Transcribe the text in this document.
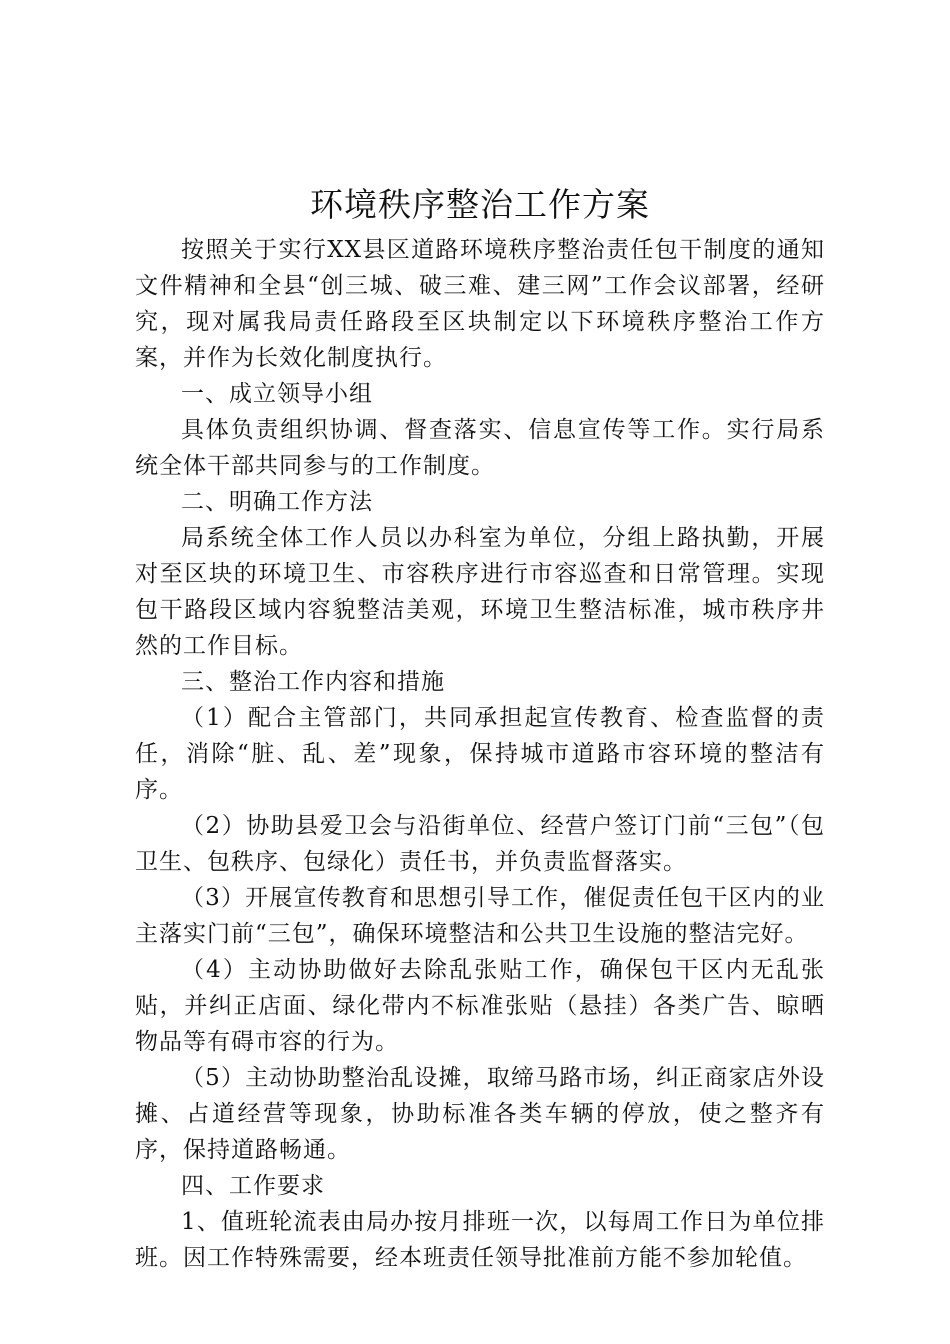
环境秩序整治工作方案

按照关于实行XX县区道路环境秩序整治责任包干制度的通知文件精神和全县“创三城、破三难、建三网”工作会议部署，经研究，现对属我局责任路段至区块制定以下环境秩序整治工作方案，并作为长效化制度执行。

一、成立领导小组

具体负责组织协调、督查落实、信息宣传等工作。实行局系统全体干部共同参与的工作制度。

二、明确工作方法

局系统全体工作人员以办科室为单位，分组上路执勤，开展对至区块的环境卫生、市容秩序进行市容巡查和日常管理。实现包干路段区域内容貌整洁美观，环境卫生整洁标准，城市秩序井然的工作目标。

三、整治工作内容和措施

（1）配合主管部门，共同承担起宣传教育、检查监督的责任，消除“脏、乱、差”现象，保持城市道路市容环境的整洁有序。

（2）协助县爱卫会与沿街单位、经营户签订门前“三包”（包卫生、包秩序、包绿化）责任书，并负责监督落实。

（3）开展宣传教育和思想引导工作，催促责任包干区内的业主落实门前“三包”，确保环境整洁和公共卫生设施的整洁完好。

（4）主动协助做好去除乱张贴工作，确保包干区内无乱张贴，并纠正店面、绿化带内不标准张贴（悬挂）各类广告、晾晒物品等有碍市容的行为。

（5）主动协助整治乱设摊，取缔马路市场，纠正商家店外设摊、占道经营等现象，协助标准各类车辆的停放，使之整齐有序，保持道路畅通。

四、工作要求

1、值班轮流表由局办按月排班一次，以每周工作日为单位排班。因工作特殊需要，经本班责任领导批准前方能不参加轮值。
